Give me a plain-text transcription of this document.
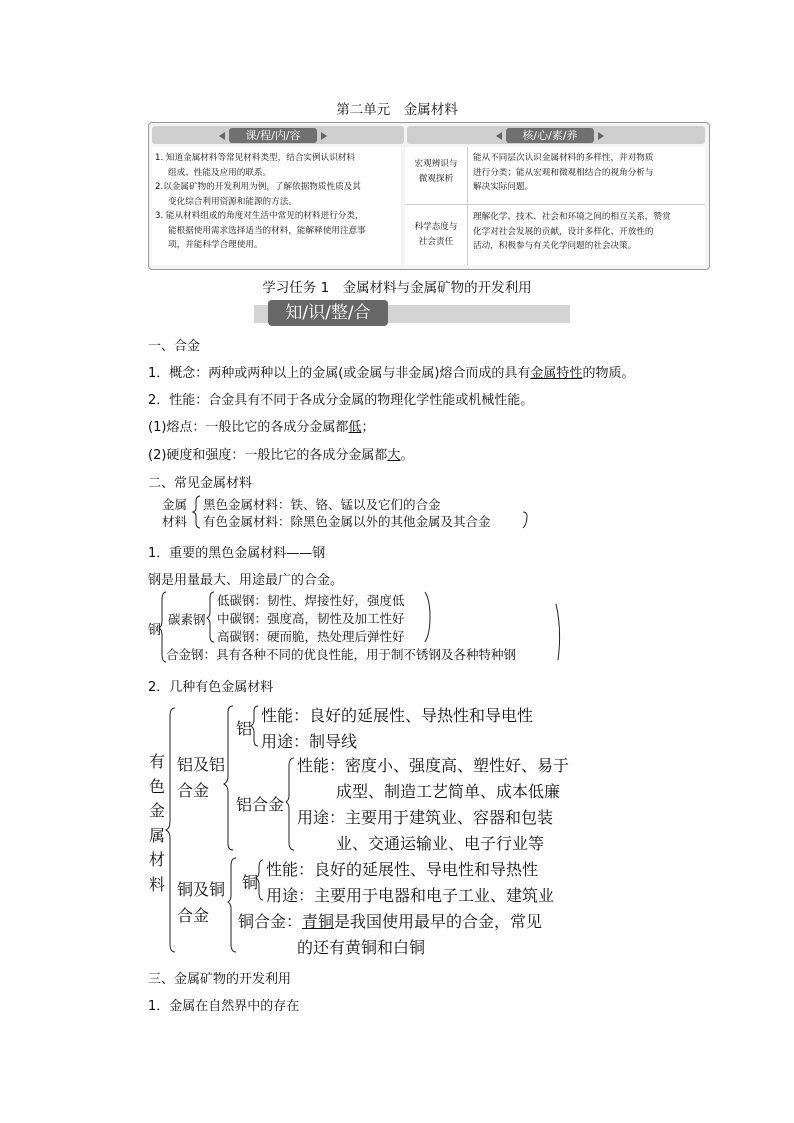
第二单元　金属材料
课/程/内/容	核/心/素/养
1. 知道金属材料等常见材料类型，结合实例认识材料
组成、性能及应用的联系。
2.以金属矿物的开发利用为例，了解依据物质性质及其
变化综合利用资源和能源的方法。
3. 能从材料组成的角度对生活中常见的材料进行分类，
能根据使用需求选择适当的材料，能解释使用注意事
项，并能科学合理使用。
宏观辨识与
微观探析
能从不同层次认识金属材料的多样性，并对物质
进行分类；能从宏观和微观相结合的视角分析与
解决实际问题。
科学态度与
社会责任
理解化学、技术、社会和环境之间的相互关系，赞赏
化学对社会发展的贡献，设计多样化、开放性的
活动，积极参与有关化学问题的社会决策。
学习任务 1　金属材料与金属矿物的开发利用
知/识/整/合
一、合金
1．概念：两种或两种以上的金属(或金属与非金属)熔合而成的具有金属特性的物质。
2．性能：合金具有不同于各成分金属的物理化学性能或机械性能。
(1)熔点：一般比它的各成分金属都低；
(2)硬度和强度：一般比它的各成分金属都大。
二、常见金属材料
金属
材料
黑色金属材料：铁、铬、锰以及它们的合金
有色金属材料：除黑色金属以外的其他金属及其合金
1．重要的黑色金属材料——钢
钢是用量最大、用途最广的合金。
钢
碳素钢
低碳钢：韧性、焊接性好，强度低
中碳钢：强度高，韧性及加工性好
高碳钢：硬而脆，热处理后弹性好
合金钢：具有各种不同的优良性能，用于制不锈钢及各种特种钢
2．几种有色金属材料
有
色
金
属
材
料
铝及铝
合金
铝
性能：良好的延展性、导热性和导电性
用途：制导线
铝合金
性能：密度小、强度高、塑性好、易于
成型、制造工艺简单、成本低廉
用途：主要用于建筑业、容器和包装
业、交通运输业、电子行业等
铜及铜
合金
铜
性能：良好的延展性、导电性和导热性
用途：主要用于电器和电子工业、建筑业
铜合金：青铜是我国使用最早的合金，常见
的还有黄铜和白铜
三、金属矿物的开发利用
1．金属在自然界中的存在
